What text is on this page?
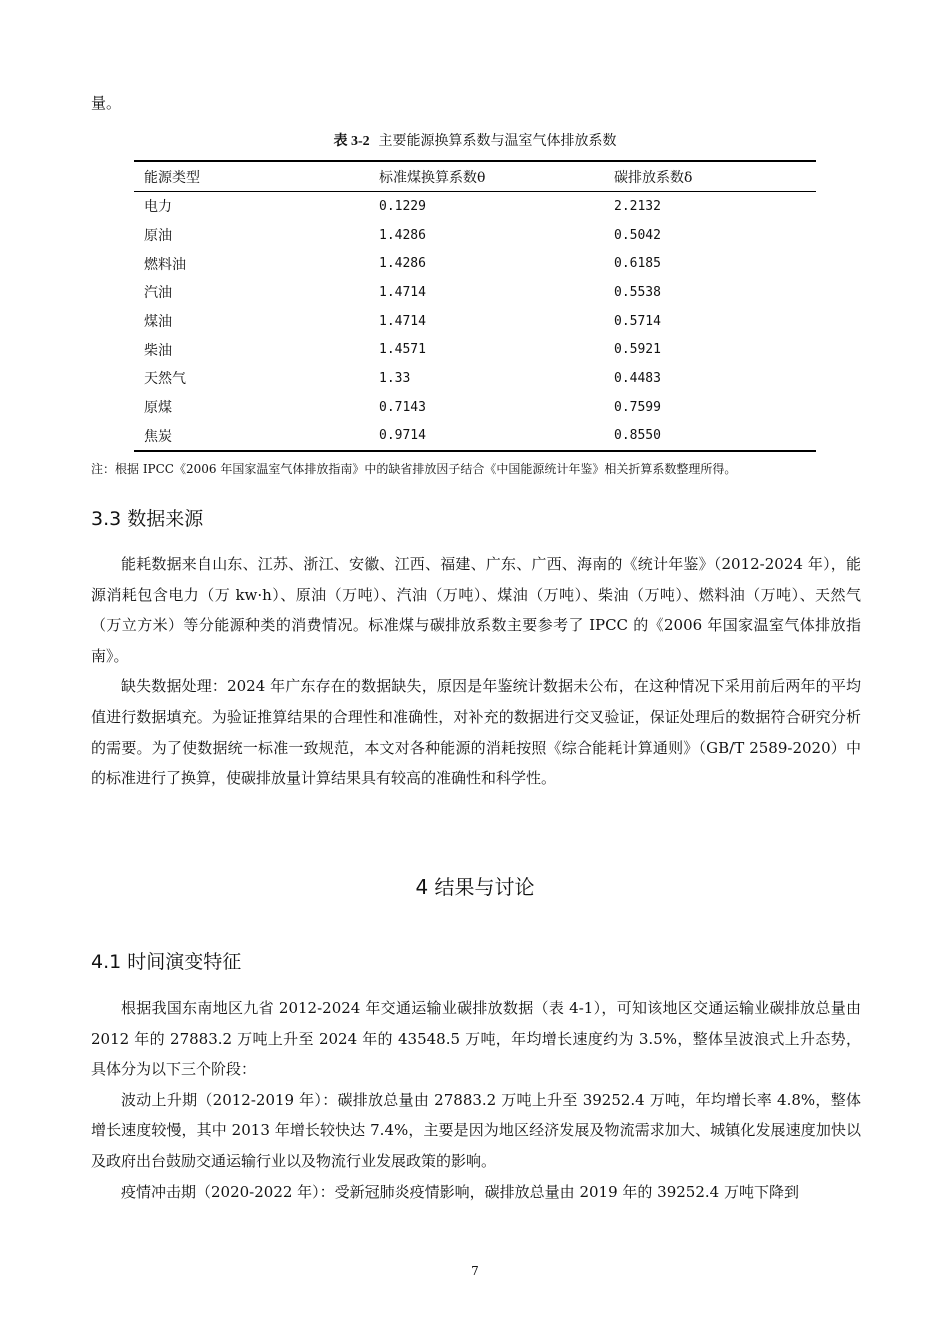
量。
表 3-2 主要能源换算系数与温室气体排放系数
能源类型	标准煤换算系数θ	碳排放系数δ
电力	0.1229	2.2132
原油	1.4286	0.5042
燃料油	1.4286	0.6185
汽油	1.4714	0.5538
煤油	1.4714	0.5714
柴油	1.4571	0.5921
天然气	1.33	0.4483
原煤	0.7143	0.7599
焦炭	0.9714	0.8550
注：根据 IPCC《2006 年国家温室气体排放指南》中的缺省排放因子结合《中国能源统计年鉴》相关折算系数整理所得。
3.3 数据来源

能耗数据来自山东、江苏、浙江、安徽、江西、福建、广东、广西、海南的《统计年鉴》（2012-2024 年），能源消耗包含电力（万 kw·h）、原油（万吨）、汽油（万吨）、煤油（万吨）、柴油（万吨）、燃料油（万吨）、天然气（万立方米）等分能源种类的消费情况。标准煤与碳排放系数主要参考了 IPCC 的《2006 年国家温室气体排放指南》。

缺失数据处理：2024 年广东存在的数据缺失，原因是年鉴统计数据未公布，在这种情况下采用前后两年的平均值进行数据填充。为验证推算结果的合理性和准确性，对补充的数据进行交叉验证，保证处理后的数据符合研究分析的需要。为了使数据统一标准一致规范，本文对各种能源的消耗按照《综合能耗计算通则》（GB/T 2589-2020）中的标准进行了换算，使碳排放量计算结果具有较高的准确性和科学性。

4 结果与讨论
4.1 时间演变特征

根据我国东南地区九省 2012-2024 年交通运输业碳排放数据（表 4-1），可知该地区交通运输业碳排放总量由 2012 年的 27883.2 万吨上升至 2024 年的 43548.5 万吨，年均增长速度约为 3.5%，整体呈波浪式上升态势，具体分为以下三个阶段：

波动上升期（2012-2019 年）：碳排放总量由 27883.2 万吨上升至 39252.4 万吨，年均增长率 4.8%，整体增长速度较慢，其中 2013 年增长较快达 7.4%，主要是因为地区经济发展及物流需求加大、城镇化发展速度加快以及政府出台鼓励交通运输行业以及物流行业发展政策的影响。

疫情冲击期（2020-2022 年）：受新冠肺炎疫情影响，碳排放总量由 2019 年的 39252.4 万吨下降到

7
